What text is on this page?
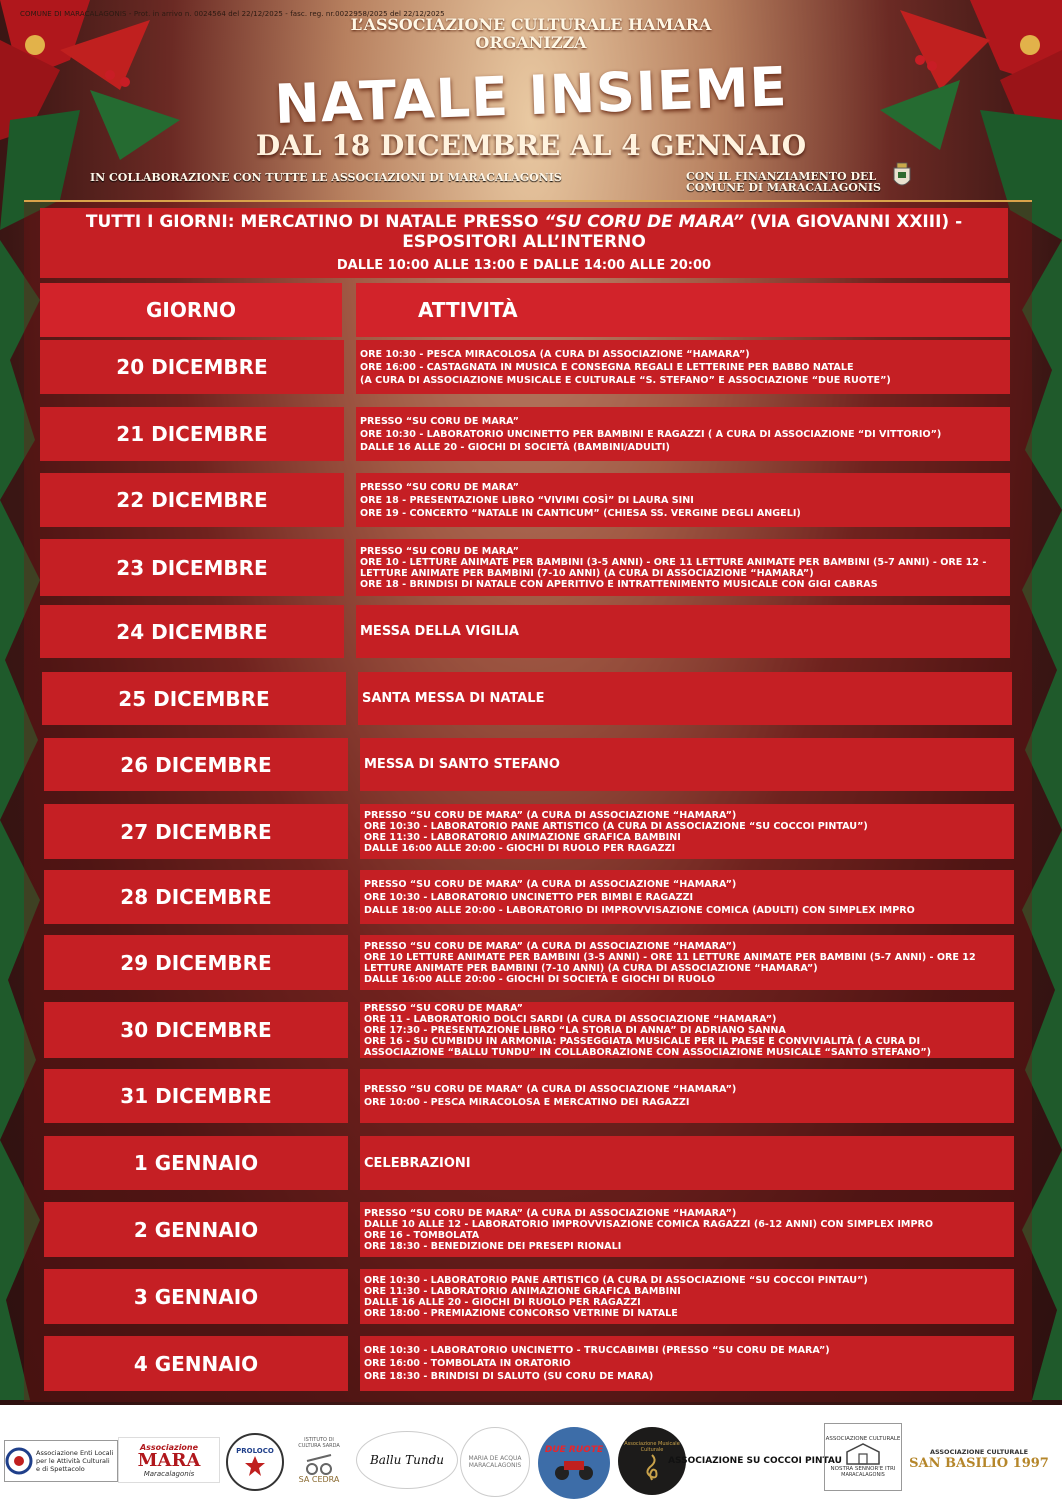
COMUNE DI MARACALAGONIS - Prot. in arrivo n. 0024564 del 22/12/2025 - fasc. reg. nr.0022958/2025 del 22/12/2025
L’ASSOCIAZIONE CULTURALE HAMARA
ORGANIZZA
NATALE INSIEME
DAL 18 DICEMBRE AL 4 GENNAIO
IN COLLABORAZIONE CON TUTTE LE ASSOCIAZIONI DI MARACALAGONIS	CON IL FINANZIAMENTO DEL
COMUNE DI MARACALAGONIS
TUTTI I GIORNI: MERCATINO DI NATALE PRESSO “SU CORU DE MARA” (VIA GIOVANNI XXIII) -
ESPOSITORI ALL’INTERNO
DALLE 10:00 ALLE 13:00 E DALLE 14:00 ALLE 20:00
GIORNO	ATTIVITÀ
20 DICEMBRE
ORE 10:30 - PESCA MIRACOLOSA (A CURA DI ASSOCIAZIONE “HAMARA”)
ORE 16:00 - CASTAGNATA IN MUSICA E CONSEGNA REGALI E LETTERINE PER BABBO NATALE
(A CURA DI ASSOCIAZIONE MUSICALE E CULTURALE “S. STEFANO” E ASSOCIAZIONE “DUE RUOTE”)
21 DICEMBRE
PRESSO “SU CORU DE MARA”
ORE 10:30 - LABORATORIO UNCINETTO PER BAMBINI E RAGAZZI ( A CURA DI ASSOCIAZIONE “DI VITTORIO”)
DALLE 16 ALLE 20 - GIOCHI DI SOCIETÀ (BAMBINI/ADULTI)
22 DICEMBRE
PRESSO “SU CORU DE MARA”
ORE 18 - PRESENTAZIONE LIBRO “VIVIMI COSÌ” DI LAURA SINI
ORE 19 - CONCERTO “NATALE IN CANTICUM” (CHIESA SS. VERGINE DEGLI ANGELI)
23 DICEMBRE
PRESSO “SU CORU DE MARA”
ORE 10 - LETTURE ANIMATE PER BAMBINI (3-5 ANNI) - ORE 11 LETTURE ANIMATE PER BAMBINI (5-7 ANNI) - ORE 12 - LETTURE ANIMATE PER BAMBINI (7-10 ANNI) (A CURA DI ASSOCIAZIONE “HAMARA”)
ORE 18 - BRINDISI DI NATALE CON APERITIVO E INTRATTENIMENTO MUSICALE CON GIGI CABRAS
24 DICEMBRE	MESSA DELLA VIGILIA
25 DICEMBRE	SANTA MESSA DI NATALE
26 DICEMBRE	MESSA DI SANTO STEFANO
27 DICEMBRE
PRESSO “SU CORU DE MARA” (A CURA DI ASSOCIAZIONE “HAMARA”)
ORE 10:30 - LABORATORIO PANE ARTISTICO (A CURA DI ASSOCIAZIONE “SU COCCOI PINTAU”)
ORE 11:30 - LABORATORIO ANIMAZIONE GRAFICA BAMBINI
DALLE 16:00 ALLE 20:00 - GIOCHI DI RUOLO PER RAGAZZI
28 DICEMBRE
PRESSO “SU CORU DE MARA” (A CURA DI ASSOCIAZIONE “HAMARA”)
ORE 10:30 - LABORATORIO UNCINETTO PER BIMBI E RAGAZZI
DALLE 18:00 ALLE 20:00 - LABORATORIO DI IMPROVVISAZIONE COMICA (ADULTI) CON SIMPLEX IMPRO
29 DICEMBRE
PRESSO “SU CORU DE MARA” (A CURA DI ASSOCIAZIONE “HAMARA”)
ORE 10 LETTURE ANIMATE PER BAMBINI (3-5 ANNI) - ORE 11 LETTURE ANIMATE PER BAMBINI (5-7 ANNI) - ORE 12 LETTURE ANIMATE PER BAMBINI (7-10 ANNI) (A CURA DI ASSOCIAZIONE “HAMARA”)
DALLE 16:00 ALLE 20:00 - GIOCHI DI SOCIETÀ E GIOCHI DI RUOLO
30 DICEMBRE
PRESSO “SU CORU DE MARA”
ORE 11 - LABORATORIO DOLCI SARDI (A CURA DI ASSOCIAZIONE “HAMARA”)
ORE 17:30 - PRESENTAZIONE LIBRO “LA STORIA DI ANNA” DI ADRIANO SANNA
ORE 16 - SU CUMBIDU IN ARMONIA: PASSEGGIATA MUSICALE PER IL PAESE E CONVIVIALITÀ ( A CURA DI ASSOCIAZIONE “BALLU TUNDU” IN COLLABORAZIONE CON ASSOCIAZIONE MUSICALE “SANTO STEFANO”)
31 DICEMBRE	PRESSO “SU CORU DE MARA” (A CURA DI ASSOCIAZIONE “HAMARA”)
ORE 10:00 - PESCA MIRACOLOSA E MERCATINO DEI RAGAZZI
1 GENNAIO	CELEBRAZIONI
2 GENNAIO
PRESSO “SU CORU DE MARA” (A CURA DI ASSOCIAZIONE “HAMARA”)
DALLE 10 ALLE 12 - LABORATORIO IMPROVVISAZIONE COMICA RAGAZZI (6-12 ANNI) CON SIMPLEX IMPRO
ORE 16 - TOMBOLATA
ORE 18:30 - BENEDIZIONE DEI PRESEPI RIONALI
3 GENNAIO
ORE 10:30 - LABORATORIO PANE ARTISTICO (A CURA DI ASSOCIAZIONE “SU COCCOI PINTAU”)
ORE 11:30 - LABORATORIO ANIMAZIONE GRAFICA BAMBINI
DALLE 16 ALLE 20 - GIOCHI DI RUOLO PER RAGAZZI
ORE 18:00 - PREMIAZIONE CONCORSO VETRINE DI NATALE
4 GENNAIO
ORE 10:30 - LABORATORIO UNCINETTO - TRUCCABIMBI (PRESSO “SU CORU DE MARA”)
ORE 16:00 - TOMBOLATA IN ORATORIO
ORE 18:30 - BRINDISI DI SALUTO (SU CORU DE MARA)
Associazione Enti Locali per le Attività Culturali e di Spettacolo
Associazione
MARA
Maracalagonis
PROLOCO
ISTITUTO DI CULTURA SARDA
SA CEDRA
Ballu Tundu	MARIA DE ACQUA MARACALAGONIS
DUE RUOTE
Associazione Musicale Culturale
ASSOCIAZIONE SU COCCOI PINTAU
ASSOCIAZIONE CULTURALE
NOSTRA SENNOR'E ITRI
MARACALAGONIS
ASSOCIAZIONE CULTURALE
SAN BASILIO 1997
